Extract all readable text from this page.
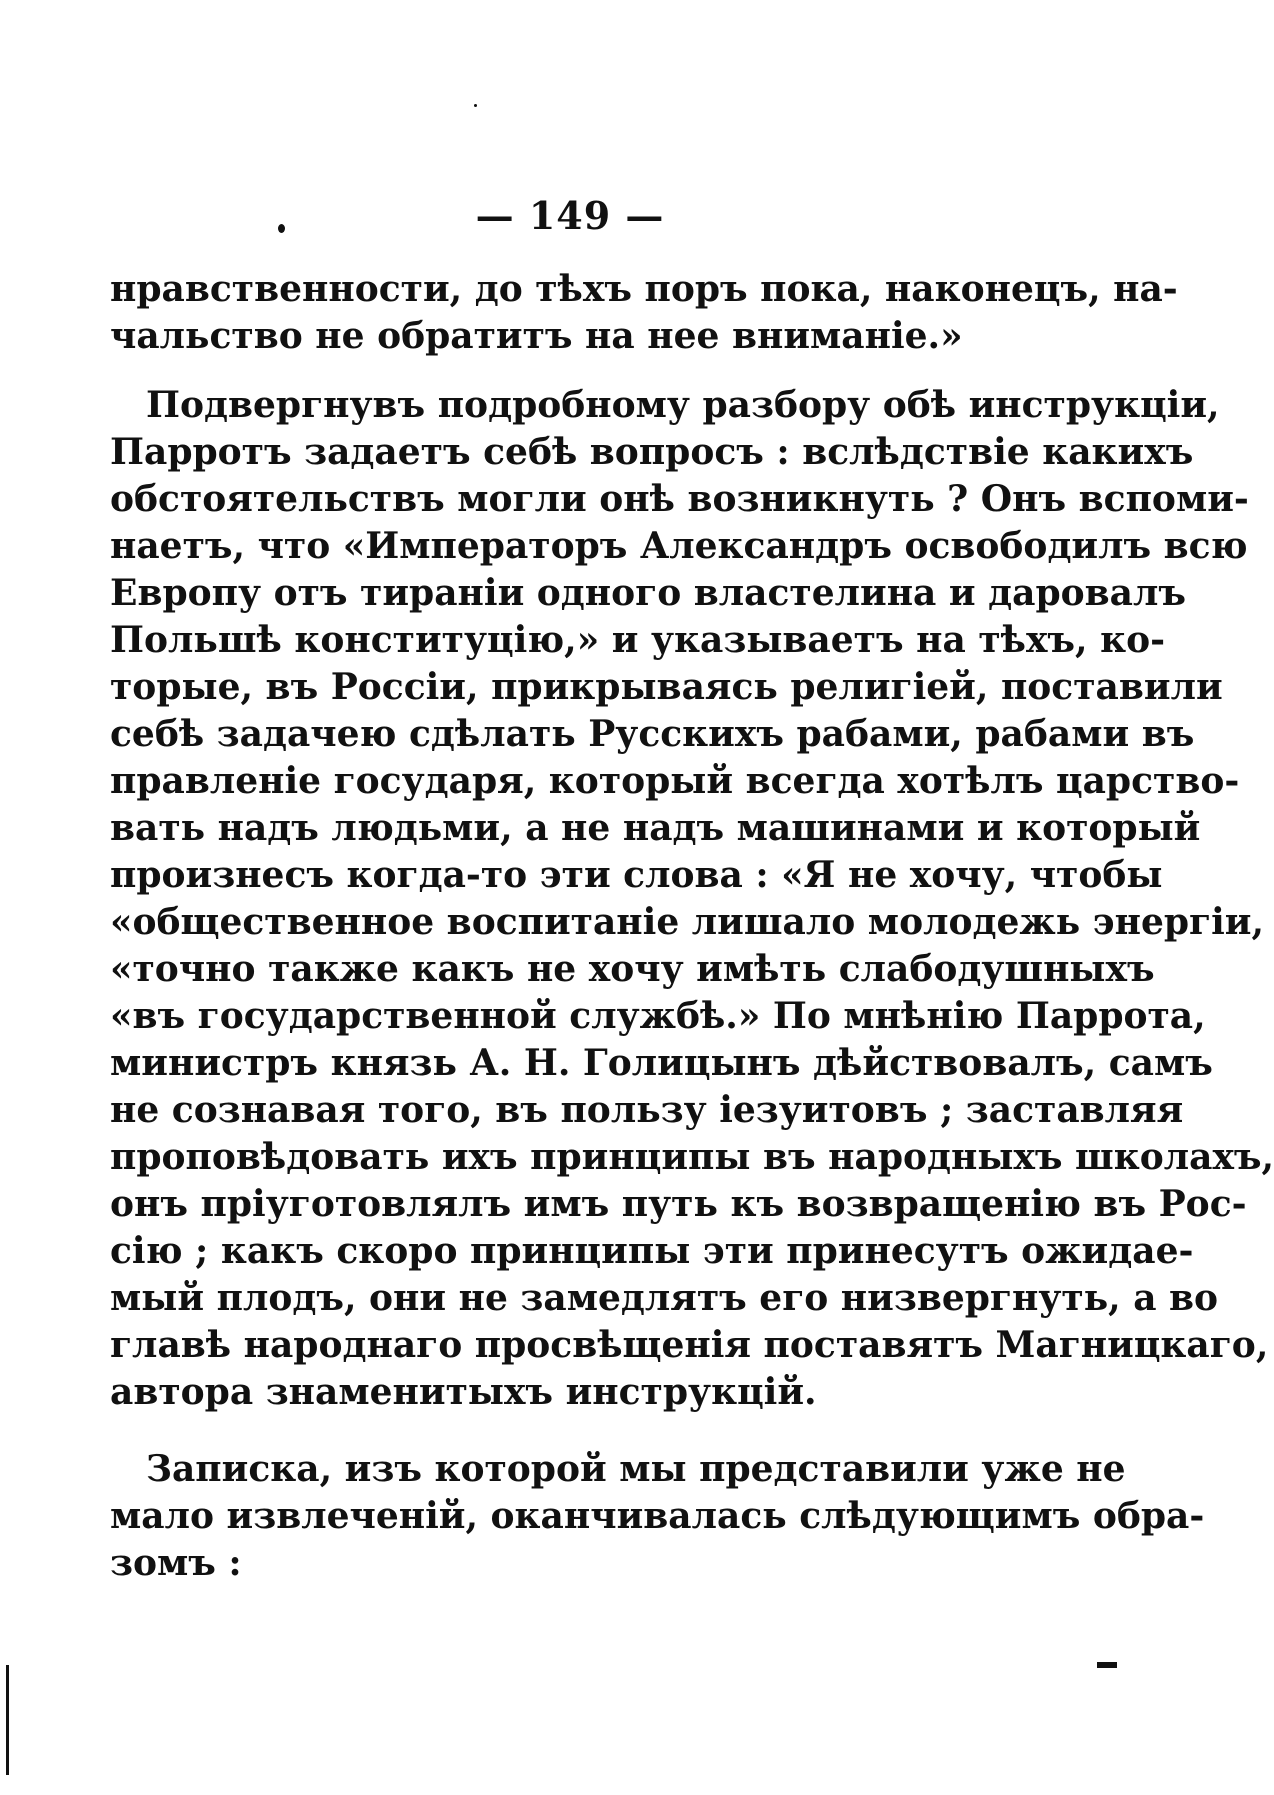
— 149 —
нравственности, до тѣхъ поръ пока, наконецъ, на-
чальство не обратитъ на нее вниманіе.»
Подвергнувъ подробному разбору обѣ инструкціи,
Парротъ задаетъ себѣ вопросъ : вслѣдствіе какихъ
обстоятельствъ могли онѣ возникнуть ? Онъ вспоми-
наетъ, что «Императоръ Александръ освободилъ всю
Европу отъ тираніи одного властелина и даровалъ
Польшѣ конституцію,» и указываетъ на тѣхъ, ко-
торые, въ Россіи, прикрываясь религіей, поставили
себѣ задачею сдѣлать Русскихъ рабами, рабами въ
правленіе государя, который всегда хотѣлъ царство-
вать надъ людьми, а не надъ машинами и который
произнесъ когда-то эти слова : «Я не хочу, чтобы
«общественное воспитаніе лишало молодежь энергіи,
«точно также какъ не хочу имѣть слабодушныхъ
«въ государственной службѣ.» По мнѣнію Паррота,
министръ князь А. Н. Голицынъ дѣйствовалъ, самъ
не сознавая того, въ пользу іезуитовъ ; заставляя
проповѣдовать ихъ принципы въ народныхъ школахъ,
онъ пріуготовлялъ имъ путь къ возвращенію въ Рос-
сію ; какъ скоро принципы эти принесутъ ожидае-
мый плодъ, они не замедлятъ его низвергнуть, а во
главѣ народнаго просвѣщенія поставятъ Магницкаго,
автора знаменитыхъ инструкцій.
Записка, изъ которой мы представили уже не
мало извлеченій, оканчивалась слѣдующимъ обра-
зомъ :
